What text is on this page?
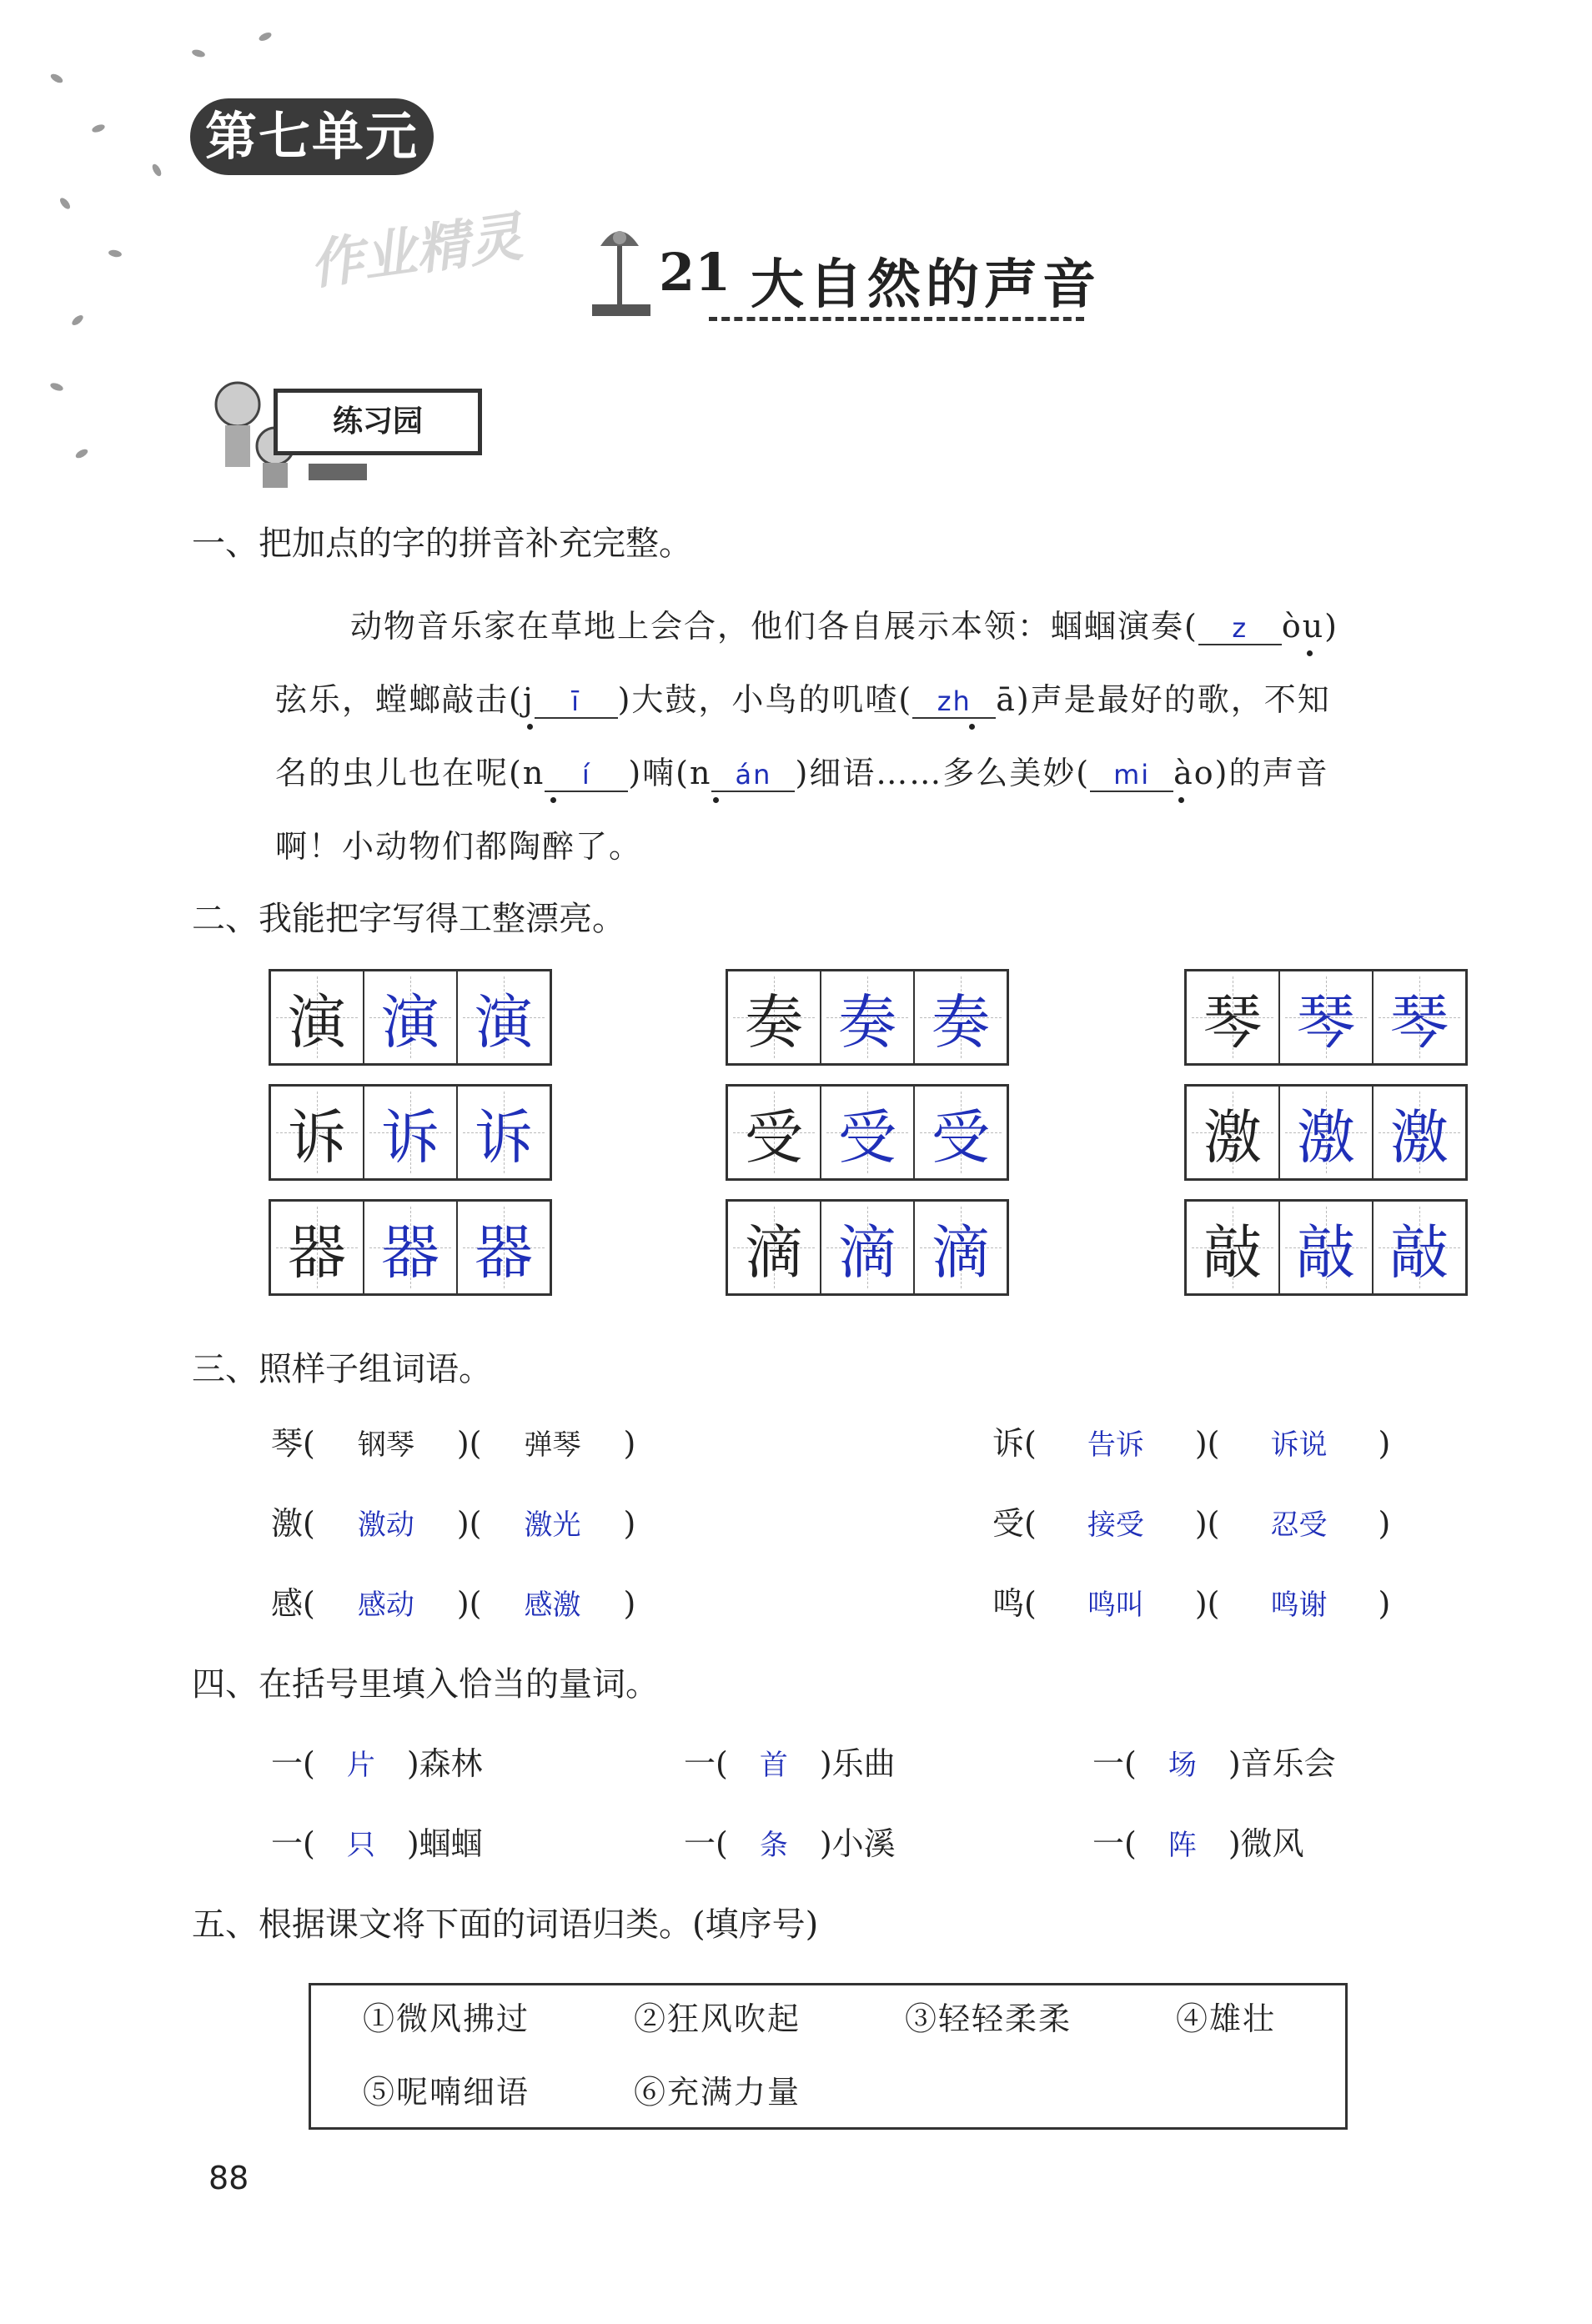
第七单元
作业精灵	21 大自然的声音
练习园
一、把加点的字的拼音补充完整。
动物音乐家在草地上会合，他们各自展示本领：蝈蝈演奏( z òu)
弦乐，螳螂敲击(j ī )大鼓，小鸟的叽喳( zh ā)声是最好的歌，不知
名的虫儿也在呢(n í )喃(n án )细语……多么美妙( mi ào)的声音
啊！小动物们都陶醉了。
二、我能把字写得工整漂亮。
演 演 演	奏 奏 奏	琴 琴 琴
诉 诉 诉	受 受 受	激 激 激
器 器 器	滴 滴 滴	敲 敲 敲
三、照样子组词语。
琴( 钢琴 )( 弹琴 )
激( 激动 )( 激光 )
感( 感动 )( 感激 )
诉( 告诉 )( 诉说 )
受( 接受 )( 忍受 )
鸣( 鸣叫 )( 鸣谢 )
四、在括号里填入恰当的量词。
一( 片 )森林	一( 首 )乐曲	一( 场 )音乐会
一( 只 )蝈蝈	一( 条 )小溪	一( 阵 )微风
五、根据课文将下面的词语归类。(填序号)
①微风拂过	②狂风吹起	③轻轻柔柔	④雄壮
⑤呢喃细语	⑥充满力量
88
